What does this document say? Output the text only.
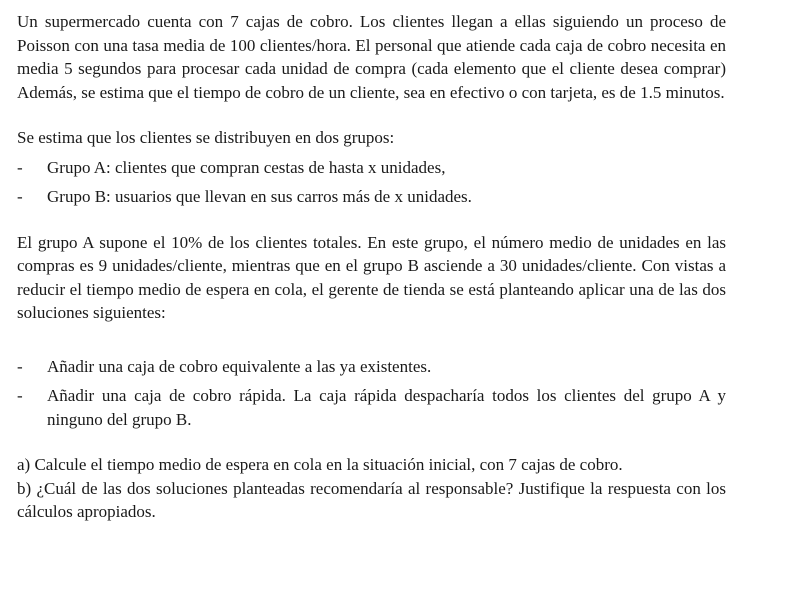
Un supermercado cuenta con 7 cajas de cobro. Los clientes llegan a ellas siguiendo un proceso de Poisson con una tasa media de 100 clientes/hora. El personal que atiende cada caja de cobro necesita en media 5 segundos para procesar cada unidad de compra (cada elemento que el cliente desea comprar) Además, se estima que el tiempo de cobro de un cliente, sea en efectivo o con tarjeta, es de 1.5 minutos.

Se estima que los clientes se distribuyen en dos grupos:

-	Grupo A: clientes que compran cestas de hasta x unidades,
-	Grupo B: usuarios que llevan en sus carros más de x unidades.

El grupo A supone el 10% de los clientes totales. En este grupo, el número medio de unidades en las compras es 9 unidades/cliente, mientras que en el grupo B asciende a 30 unidades/cliente. Con vistas a reducir el tiempo medio de espera en cola, el gerente de tienda se está planteando aplicar una de las dos soluciones siguientes:

-	Añadir una caja de cobro equivalente a las ya existentes.
-	Añadir una caja de cobro rápida. La caja rápida despacharía todos los clientes del grupo A y ninguno del grupo B.

a) Calcule el tiempo medio de espera en cola en la situación inicial, con 7 cajas de cobro.

b) ¿Cuál de las dos soluciones planteadas recomendaría al responsable? Justifique la respuesta con los cálculos apropiados.
